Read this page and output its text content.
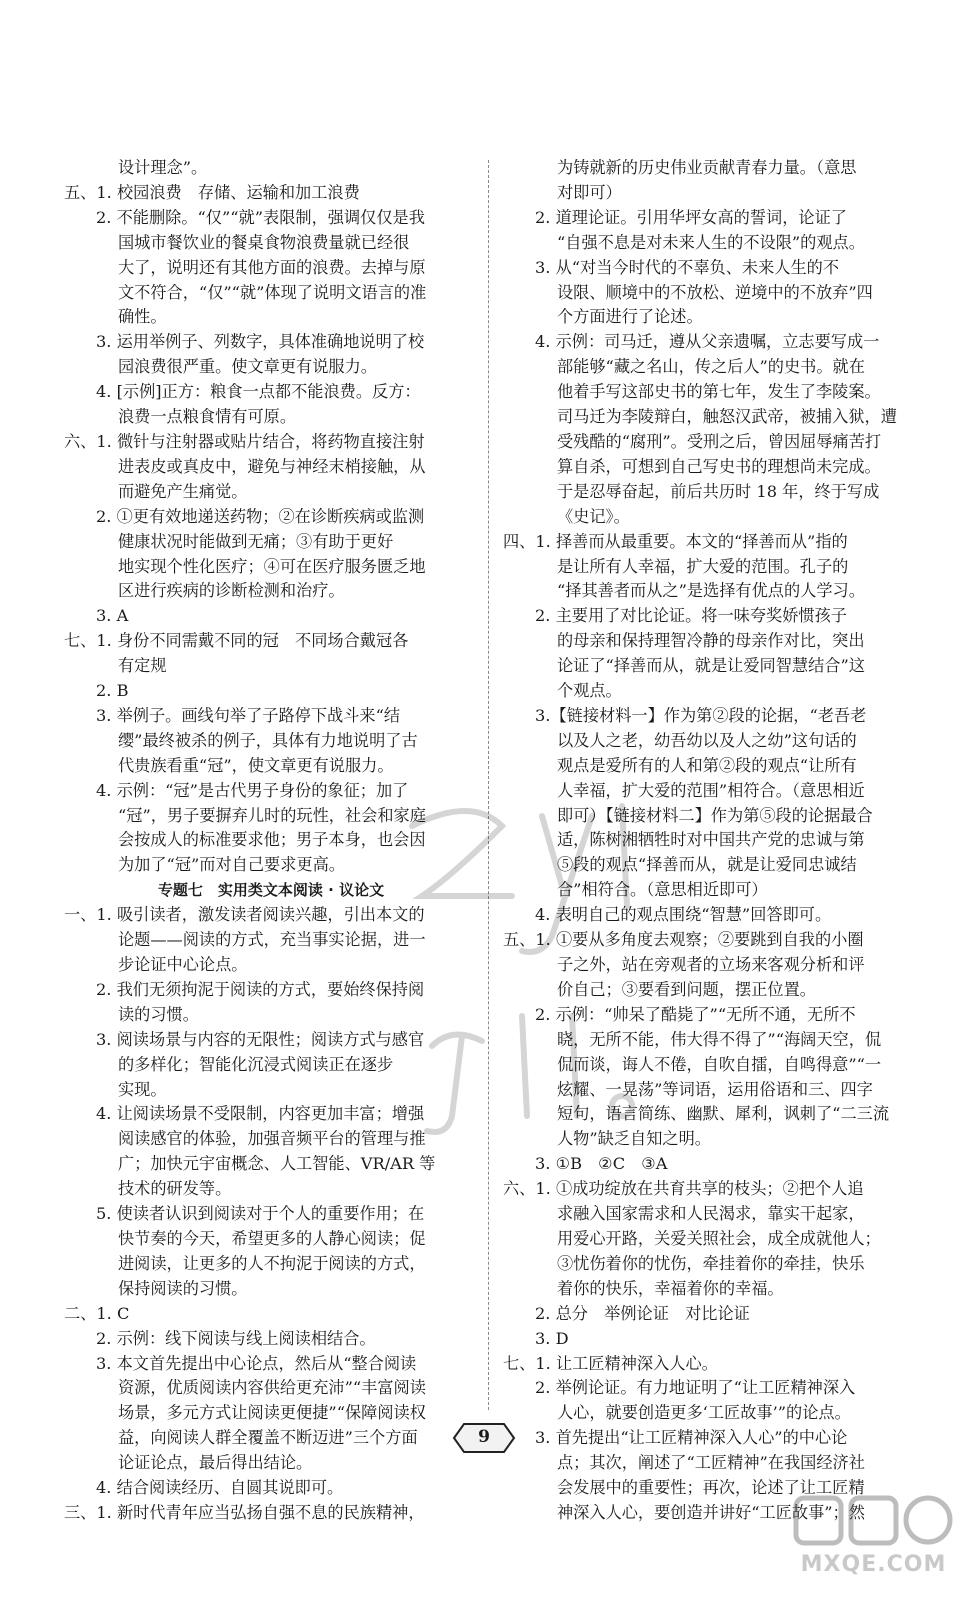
设计理念”。
五、1. 校园浪费　存储、运输和加工浪费
2. 不能删除。“仅”“就”表限制，强调仅仅是我
国城市餐饮业的餐桌食物浪费量就已经很
大了，说明还有其他方面的浪费。去掉与原
文不符合，“仅”“就”体现了说明文语言的准
确性。
3. 运用举例子、列数字，具体准确地说明了校
园浪费很严重。使文章更有说服力。
4. [示例]正方：粮食一点都不能浪费。反方：
浪费一点粮食情有可原。
六、1. 微针与注射器或贴片结合，将药物直接注射
进表皮或真皮中，避免与神经末梢接触，从
而避免产生痛觉。
2. ①更有效地递送药物；②在诊断疾病或监测
健康状况时能做到无痛；③有助于更好
地实现个性化医疗；④可在医疗服务匮乏地
区进行疾病的诊断检测和治疗。
3. A
七、1. 身份不同需戴不同的冠　不同场合戴冠各
有定规
2. B
3. 举例子。画线句举了子路停下战斗来“结
缨”最终被杀的例子，具体有力地说明了古
代贵族看重“冠”，使文章更有说服力。
4. 示例：“冠”是古代男子身份的象征；加了
“冠”，男子要摒弃儿时的玩性，社会和家庭
会按成人的标准要求他；男子本身，也会因
为加了“冠”而对自己要求更高。
专题七　实用类文本阅读 · 议论文
一、1. 吸引读者，激发读者阅读兴趣，引出本文的
论题——阅读的方式，充当事实论据，进一
步论证中心论点。
2. 我们无须拘泥于阅读的方式，要始终保持阅
读的习惯。
3. 阅读场景与内容的无限性；阅读方式与感官
的多样化；智能化沉浸式阅读正在逐步
实现。
4. 让阅读场景不受限制，内容更加丰富；增强
阅读感官的体验，加强音频平台的管理与推
广；加快元宇宙概念、人工智能、VR/AR 等
技术的研发等。
5. 使读者认识到阅读对于个人的重要作用；在
快节奏的今天，希望更多的人静心阅读；促
进阅读，让更多的人不拘泥于阅读的方式，
保持阅读的习惯。
二、1. C
2. 示例：线下阅读与线上阅读相结合。
3. 本文首先提出中心论点，然后从“整合阅读
资源，优质阅读内容供给更充沛”“丰富阅读
场景，多元方式让阅读更便捷”“保障阅读权
益，向阅读人群全覆盖不断迈进”三个方面
论证论点，最后得出结论。
4. 结合阅读经历、自圆其说即可。
三、1. 新时代青年应当弘扬自强不息的民族精神，
为铸就新的历史伟业贡献青春力量。（意思
对即可）
2. 道理论证。引用华坪女高的誓词，论证了
“自强不息是对未来人生的不设限”的观点。
3. 从“对当今时代的不辜负、未来人生的不
设限、顺境中的不放松、逆境中的不放弃”四
个方面进行了论述。
4. 示例：司马迁，遵从父亲遗嘱，立志要写成一
部能够“藏之名山，传之后人”的史书。就在
他着手写这部史书的第七年，发生了李陵案。
司马迁为李陵辩白，触怒汉武帝，被捕入狱，遭
受残酷的“腐刑”。受刑之后，曾因屈辱痛苦打
算自杀，可想到自己写史书的理想尚未完成。
于是忍辱奋起，前后共历时 18 年，终于写成
《史记》。
四、1. 择善而从最重要。本文的“择善而从”指的
是让所有人幸福，扩大爱的范围。孔子的
“择其善者而从之”是选择有优点的人学习。
2. 主要用了对比论证。将一味夸奖娇惯孩子
的母亲和保持理智冷静的母亲作对比，突出
论证了“择善而从，就是让爱同智慧结合”这
个观点。
3.【链接材料一】作为第②段的论据，“老吾老
以及人之老，幼吾幼以及人之幼”这句话的
观点是爱所有的人和第②段的观点“让所有
人幸福，扩大爱的范围”相符合。（意思相近
即可）【链接材料二】作为第⑤段的论据最合
适，陈树湘牺牲时对中国共产党的忠诚与第
⑤段的观点“择善而从，就是让爱同忠诚结
合”相符合。（意思相近即可）
4. 表明自己的观点围绕“智慧”回答即可。
五、1. ①要从多角度去观察；②要跳到自我的小圈
子之外，站在旁观者的立场来客观分析和评
价自己；③要看到问题，摆正位置。
2. 示例：“帅呆了酷毙了”“无所不通，无所不
晓，无所不能，伟大得不得了”“海阔天空，侃
侃而谈，诲人不倦，自吹自擂，自鸣得意”“一
炫耀、一晃荡”等词语，运用俗语和三、四字
短句，语言简练、幽默、犀利，讽刺了“二三流
人物”缺乏自知之明。
3. ①B　②C　③A
六、1. ①成功绽放在共育共享的枝头；②把个人追
求融入国家需求和人民渴求，靠实干起家，
用爱心开路，关爱关照社会，成全成就他人；
③忧伤着你的忧伤，牵挂着你的牵挂，快乐
着你的快乐，幸福着你的幸福。
2. 总分　举例论证　对比论证
3. D
七、1. 让工匠精神深入人心。
2. 举例论证。有力地证明了“让工匠精神深入
人心，就要创造更多‘工匠故事’”的论点。
3. 首先提出“让工匠精神深入人心”的中心论
点；其次，阐述了“工匠精神”在我国经济社
会发展中的重要性；再次，论述了让工匠精
神深入人心，要创造并讲好“工匠故事”；然
9
MXQE.COM
